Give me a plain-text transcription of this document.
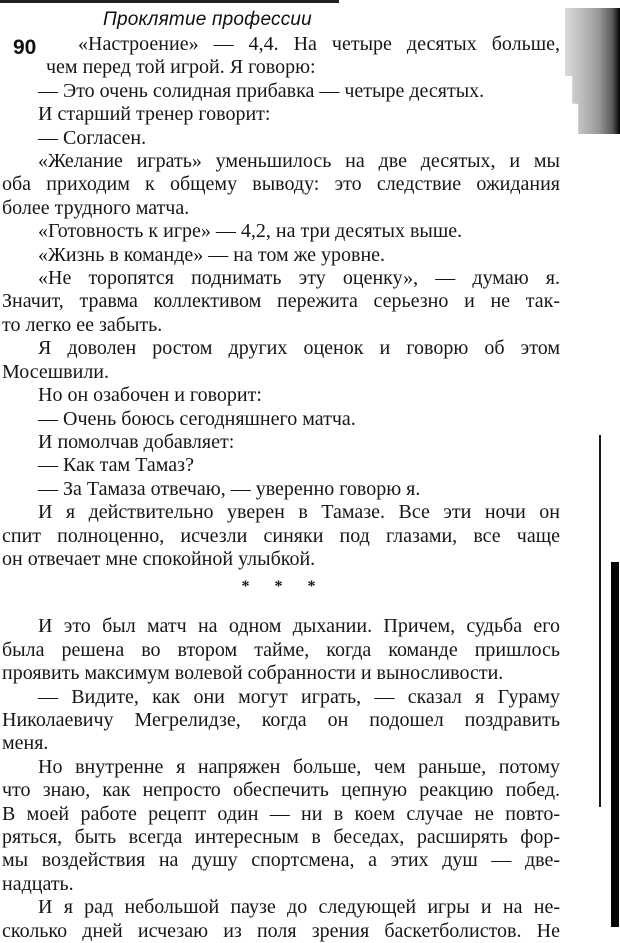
Проклятие профессии
90	«Настроение» — 4,4. На четыре десятых больше,
чем перед той игрой. Я говорю:
— Это очень солидная прибавка — четыре десятых.
И старший тренер говорит:
— Согласен.
«Желание играть» уменьшилось на две десятых, и мы
оба приходим к общему выводу: это следствие ожидания
более трудного матча.
«Готовность к игре» — 4,2, на три десятых выше.
«Жизнь в команде» — на том же уровне.
«Не торопятся поднимать эту оценку», — думаю я.
Значит, травма коллективом пережита серьезно и не так-
то легко ее забыть.
Я доволен ростом других оценок и говорю об этом
Мосешвили.
Но он озабочен и говорит:
— Очень боюсь сегодняшнего матча.
И помолчав добавляет:
— Как там Тамаз?
— За Тамаза отвечаю, — уверенно говорю я.
И я действительно уверен в Тамазе. Все эти ночи он
спит полноценно, исчезли синяки под глазами, все чаще
он отвечает мне спокойной улыбкой.
* * *
И это был матч на одном дыхании. Причем, судьба его
была решена во втором тайме, когда команде пришлось
проявить максимум волевой собранности и выносливости.
— Видите, как они могут играть, — сказал я Гураму
Николаевичу Мегрелидзе, когда он подошел поздравить
меня.
Но внутренне я напряжен больше, чем раньше, потому
что знаю, как непросто обеспечить цепную реакцию побед.
В моей работе рецепт один — ни в коем случае не повто-
ряться, быть всегда интересным в беседах, расширять фор-
мы воздействия на душу спортсмена, а этих душ — две-
надцать.
И я рад небольшой паузе до следующей игры и на не-
сколько дней исчезаю из поля зрения баскетболистов. Не
